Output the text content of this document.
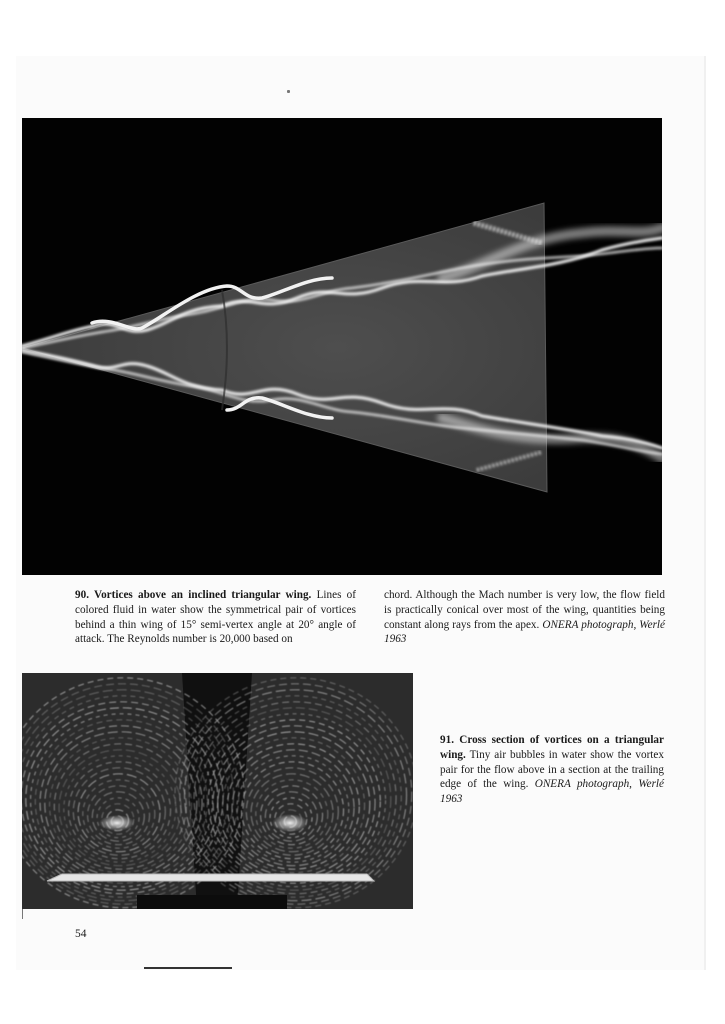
90. Vortices above an inclined triangular wing. Lines of colored fluid in water show the symmetrical pair of vortices behind a thin wing of 15° semi-vertex angle at 20° angle of attack. The Reynolds number is 20,000 based on
chord. Although the Mach number is very low, the flow field is practically conical over most of the wing, quantities being constant along rays from the apex. ONERA photograph, Werlé 1963
91. Cross section of vortices on a triangular wing. Tiny air bubbles in water show the vortex pair for the flow above in a section at the trailing edge of the wing. ONERA photograph, Werlé 1963
54
